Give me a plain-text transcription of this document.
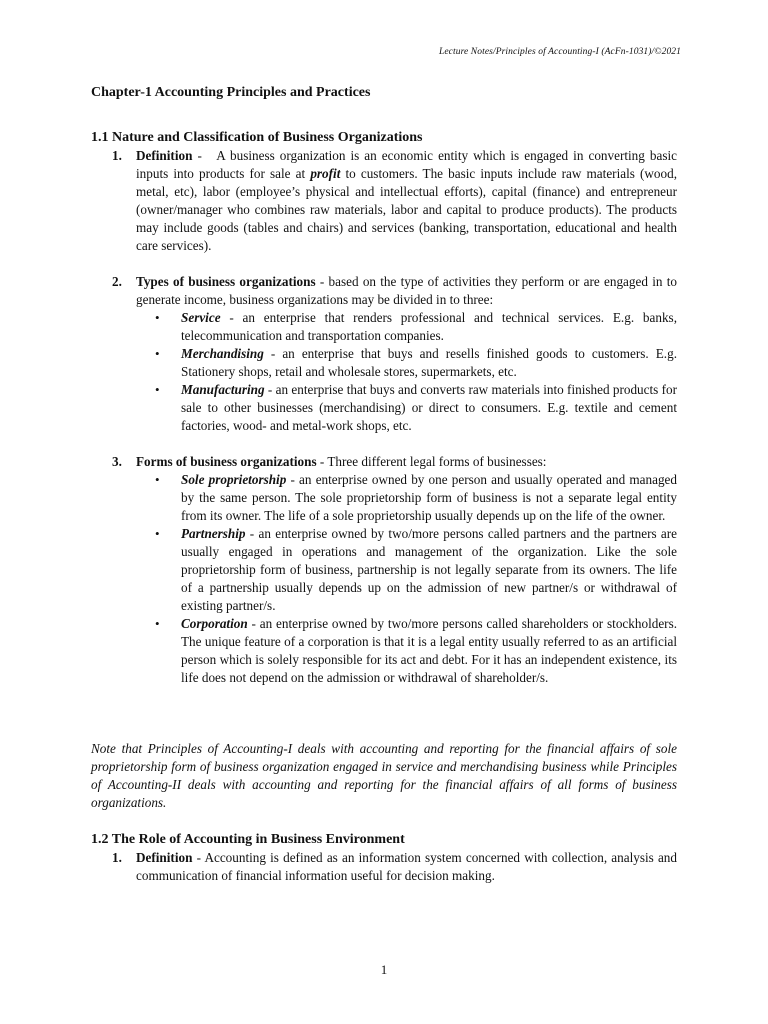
Lecture Notes/Principles of Accounting-I (AcFn-1031)/©2021
Chapter-1 Accounting Principles and Practices
1.1 Nature and Classification of Business Organizations
1. Definition -   A business organization is an economic entity which is engaged in converting basic inputs into products for sale at profit to customers. The basic inputs include raw materials (wood, metal, etc), labor (employee’s physical and intellectual efforts), capital (finance) and entrepreneur (owner/manager who combines raw materials, labor and capital to produce products). The products may include goods (tables and chairs) and services (banking, transportation, educational and health care services).
2. Types of business organizations - based on the type of activities they perform or are engaged in to generate income, business organizations may be divided in to three:
• Service - an enterprise that renders professional and technical services. E.g. banks, telecommunication and transportation companies.
• Merchandising - an enterprise that buys and resells finished goods to customers. E.g. Stationery shops, retail and wholesale stores, supermarkets, etc.
• Manufacturing - an enterprise that buys and converts raw materials into finished products for sale to other businesses (merchandising) or direct to consumers. E.g. textile and cement factories, wood- and metal-work shops, etc.
3. Forms of business organizations - Three different legal forms of businesses:
• Sole proprietorship - an enterprise owned by one person and usually operated and managed by the same person. The sole proprietorship form of business is not a separate legal entity from its owner. The life of a sole proprietorship usually depends up on the life of the owner.
• Partnership - an enterprise owned by two/more persons called partners and the partners are usually engaged in operations and management of the organization. Like the sole proprietorship form of business, partnership is not legally separate from its owners. The life of a partnership usually depends up on the admission of new partner/s or withdrawal of existing partner/s.
• Corporation - an enterprise owned by two/more persons called shareholders or stockholders. The unique feature of a corporation is that it is a legal entity usually referred to as an artificial person which is solely responsible for its act and debt. For it has an independent existence, its life does not depend on the admission or withdrawal of shareholder/s.
Note that Principles of Accounting-I deals with accounting and reporting for the financial affairs of sole proprietorship form of business organization engaged in service and merchandising business while Principles of Accounting-II deals with accounting and reporting for the financial affairs of all forms of business organizations.
1.2 The Role of Accounting in Business Environment
1. Definition - Accounting is defined as an information system concerned with collection, analysis and communication of financial information useful for decision making.
1
